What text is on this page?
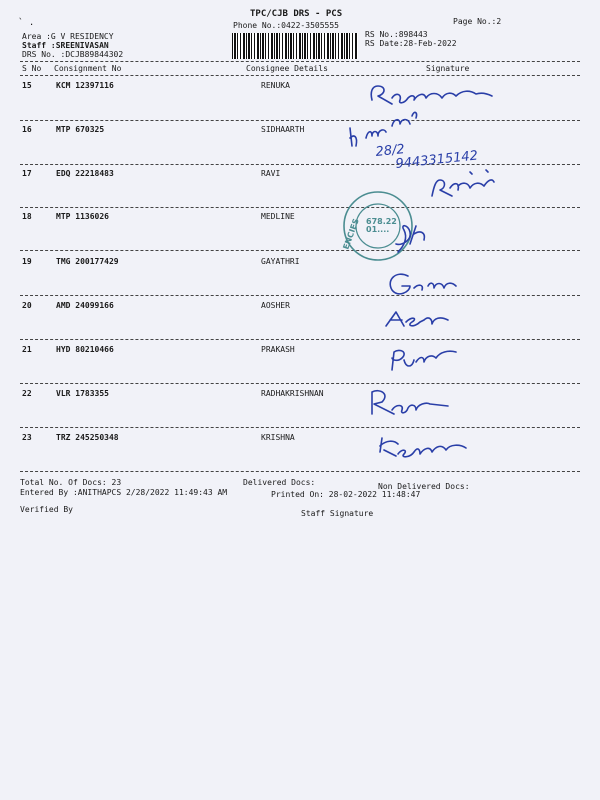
` .
TPC/CJB DRS - PCS
Phone No.:0422-3505555	Page No.:2
Area :G V RESIDENCY
Staff :SREENIVASAN
DRS No. :DCJB89844302
RS No.:898443
RS Date:28-Feb-2022
S No Consignment No	Consignee Details	Signature
15	KCM 12397116	RENUKA
16	MTP 670325	SIDHAARTH
17	EDQ 22218483	RAVI
18	MTP 1136026	MEDLINE
19	TMG 200177429	GAYATHRI
20	AMD 24099166	AOSHER
21	HYD 80210466	PRAKASH
22	VLR 1783355	RADHAKRISHNAN
23	TRZ 245250348	KRISHNA
28/2
9443315142
ENCIES 678.22
01....
Total No. Of Docs: 23	Delivered Docs:	Non Delivered Docs:
Entered By :ANITHAPCS 2/28/2022 11:49:43 AM	Printed On: 28-02-2022 11:48:47
Verified By	Staff Signature
